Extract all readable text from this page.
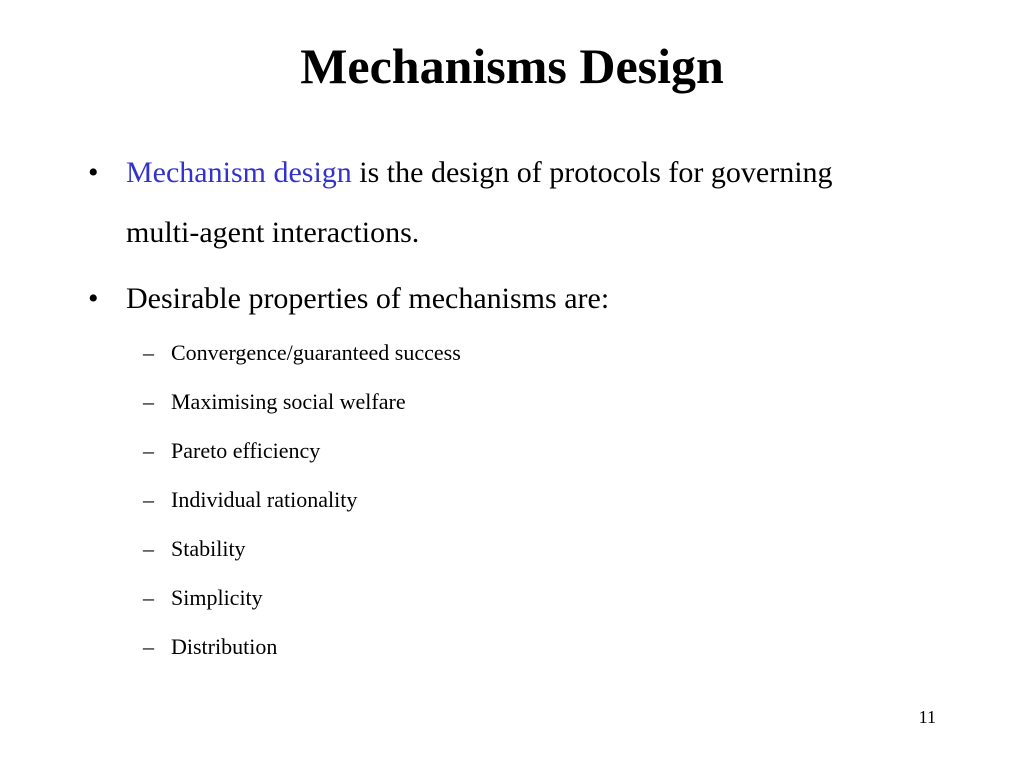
Mechanisms Design
• Mechanism design is the design of protocols for governing
multi-agent interactions.
• Desirable properties of mechanisms are:
– Convergence/guaranteed success
– Maximising social welfare
– Pareto efficiency
– Individual rationality
– Stability
– Simplicity
– Distribution
11
